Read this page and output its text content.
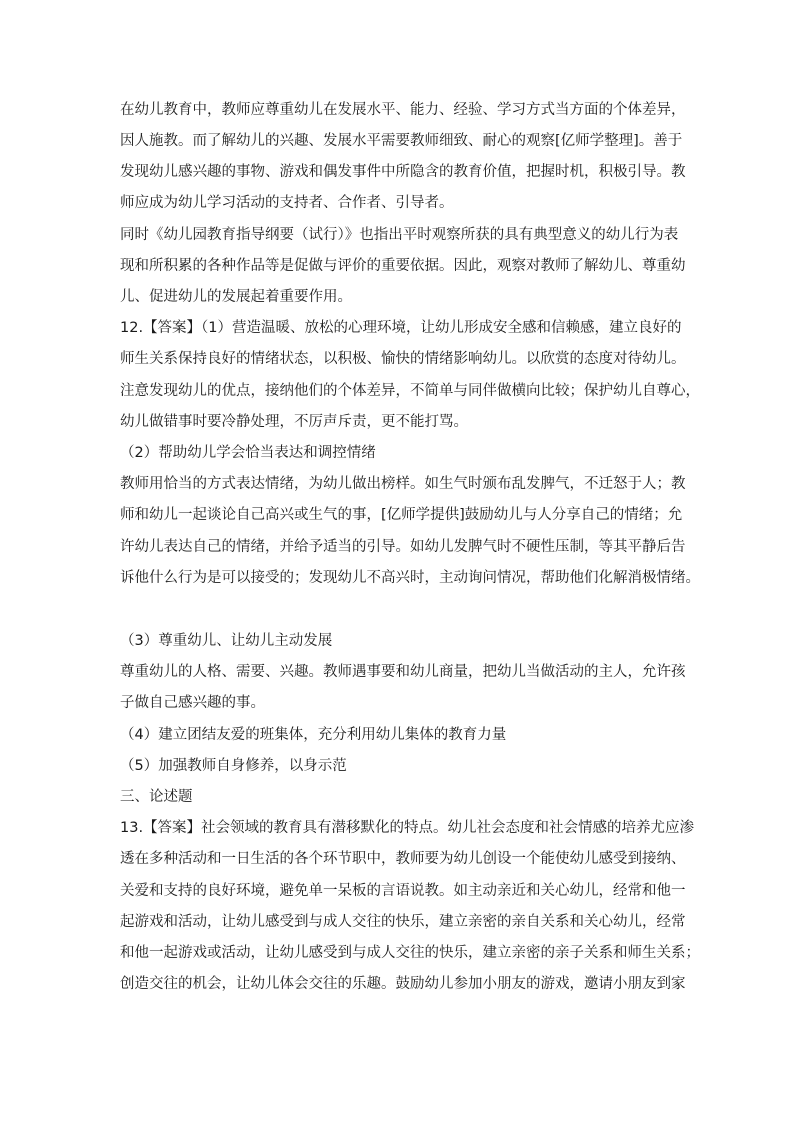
在幼儿教育中，教师应尊重幼儿在发展水平、能力、经验、学习方式当方面的个体差异，
因人施教。而了解幼儿的兴趣、发展水平需要教师细致、耐心的观察[亿师学整理]。善于
发现幼儿感兴趣的事物、游戏和偶发事件中所隐含的教育价值，把握时机，积极引导。教
师应成为幼儿学习活动的支持者、合作者、引导者。
同时《幼儿园教育指导纲要（试行）》也指出平时观察所获的具有典型意义的幼儿行为表
现和所积累的各种作品等是促做与评价的重要依据。因此，观察对教师了解幼儿、尊重幼
儿、促进幼儿的发展起着重要作用。
12.【答案】（1）营造温暖、放松的心理环境，让幼儿形成安全感和信赖感，建立良好的
师生关系保持良好的情绪状态，以积极、愉快的情绪影响幼儿。以欣赏的态度对待幼儿。
注意发现幼儿的优点，接纳他们的个体差异，不简单与同伴做横向比较；保护幼儿自尊心，
幼儿做错事时要冷静处理，不厉声斥责，更不能打骂。
（2）帮助幼儿学会恰当表达和调控情绪
教师用恰当的方式表达情绪，为幼儿做出榜样。如生气时颁布乱发脾气，不迁怒于人；教
师和幼儿一起谈论自己高兴或生气的事，[亿师学提供]鼓励幼儿与人分享自己的情绪；允
许幼儿表达自己的情绪，并给予适当的引导。如幼儿发脾气时不硬性压制，等其平静后告
诉他什么行为是可以接受的；发现幼儿不高兴时，主动询问情况，帮助他们化解消极情绪。
（3）尊重幼儿、让幼儿主动发展
尊重幼儿的人格、需要、兴趣。教师遇事要和幼儿商量，把幼儿当做活动的主人，允许孩
子做自己感兴趣的事。
（4）建立团结友爱的班集体，充分利用幼儿集体的教育力量
（5）加强教师自身修养，以身示范
三、论述题
13.【答案】社会领域的教育具有潜移默化的特点。幼儿社会态度和社会情感的培养尤应渗
透在多种活动和一日生活的各个环节职中，教师要为幼儿创设一个能使幼儿感受到接纳、
关爱和支持的良好环境，避免单一呆板的言语说教。如主动亲近和关心幼儿，经常和他一
起游戏和活动，让幼儿感受到与成人交往的快乐，建立亲密的亲自关系和关心幼儿，经常
和他一起游戏或活动，让幼儿感受到与成人交往的快乐，建立亲密的亲子关系和师生关系；
创造交往的机会，让幼儿体会交往的乐趣。鼓励幼儿参加小朋友的游戏，邀请小朋友到家
